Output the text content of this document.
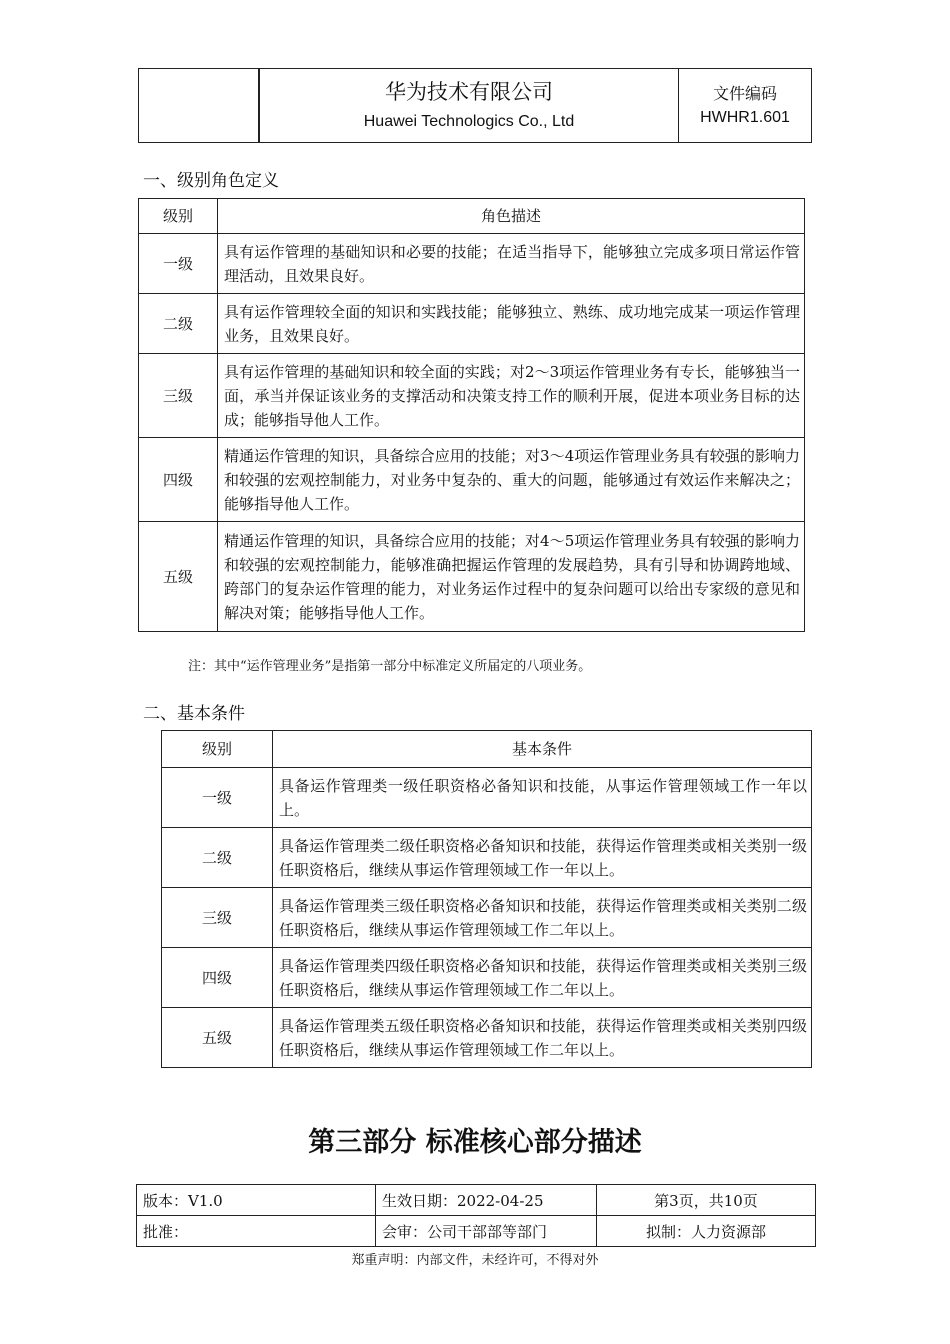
华为技术有限公司
Huawei Technologics Co., Ltd

文件编码
HWHR1.601
一、级别角色定义
级别	角色描述
一级	具有运作管理的基础知识和必要的技能；在适当指导下，能够独立完成多项日常运作管理活动，且效果良好。
二级	具有运作管理较全面的知识和实践技能；能够独立、熟练、成功地完成某一项运作管理业务，且效果良好。
三级	具有运作管理的基础知识和较全面的实践；对2～3项运作管理业务有专长，能够独当一面，承当并保证该业务的支撑活动和决策支持工作的顺利开展，促进本项业务目标的达成；能够指导他人工作。
四级	精通运作管理的知识，具备综合应用的技能；对3～4项运作管理业务具有较强的影响力和较强的宏观控制能力，对业务中复杂的、重大的问题，能够通过有效运作来解决之；能够指导他人工作。
五级	精通运作管理的知识，具备综合应用的技能；对4～5项运作管理业务具有较强的影响力和较强的宏观控制能力，能够准确把握运作管理的发展趋势，具有引导和协调跨地域、跨部门的复杂运作管理的能力，对业务运作过程中的复杂问题可以给出专家级的意见和解决对策；能够指导他人工作。
注：其中“运作管理业务”是指第一部分中标准定义所届定的八项业务。
二、基本条件
级别	基本条件
一级	具备运作管理类一级任职资格必备知识和技能，从事运作管理领域工作一年以上。
二级	具备运作管理类二级任职资格必备知识和技能，获得运作管理类或相关类别一级任职资格后，继续从事运作管理领域工作一年以上。
三级	具备运作管理类三级任职资格必备知识和技能，获得运作管理类或相关类别二级任职资格后，继续从事运作管理领域工作二年以上。
四级	具备运作管理类四级任职资格必备知识和技能，获得运作管理类或相关类别三级任职资格后，继续从事运作管理领域工作二年以上。
五级	具备运作管理类五级任职资格必备知识和技能，获得运作管理类或相关类别四级任职资格后，继续从事运作管理领域工作二年以上。
第三部分 标准核心部分描述
版本：V1.0	生效日期：2022-04-25	第3页，共10页
批准：	会审：公司干部部等部门	拟制：人力资源部
郑重声明：内部文件，未经许可，不得对外
